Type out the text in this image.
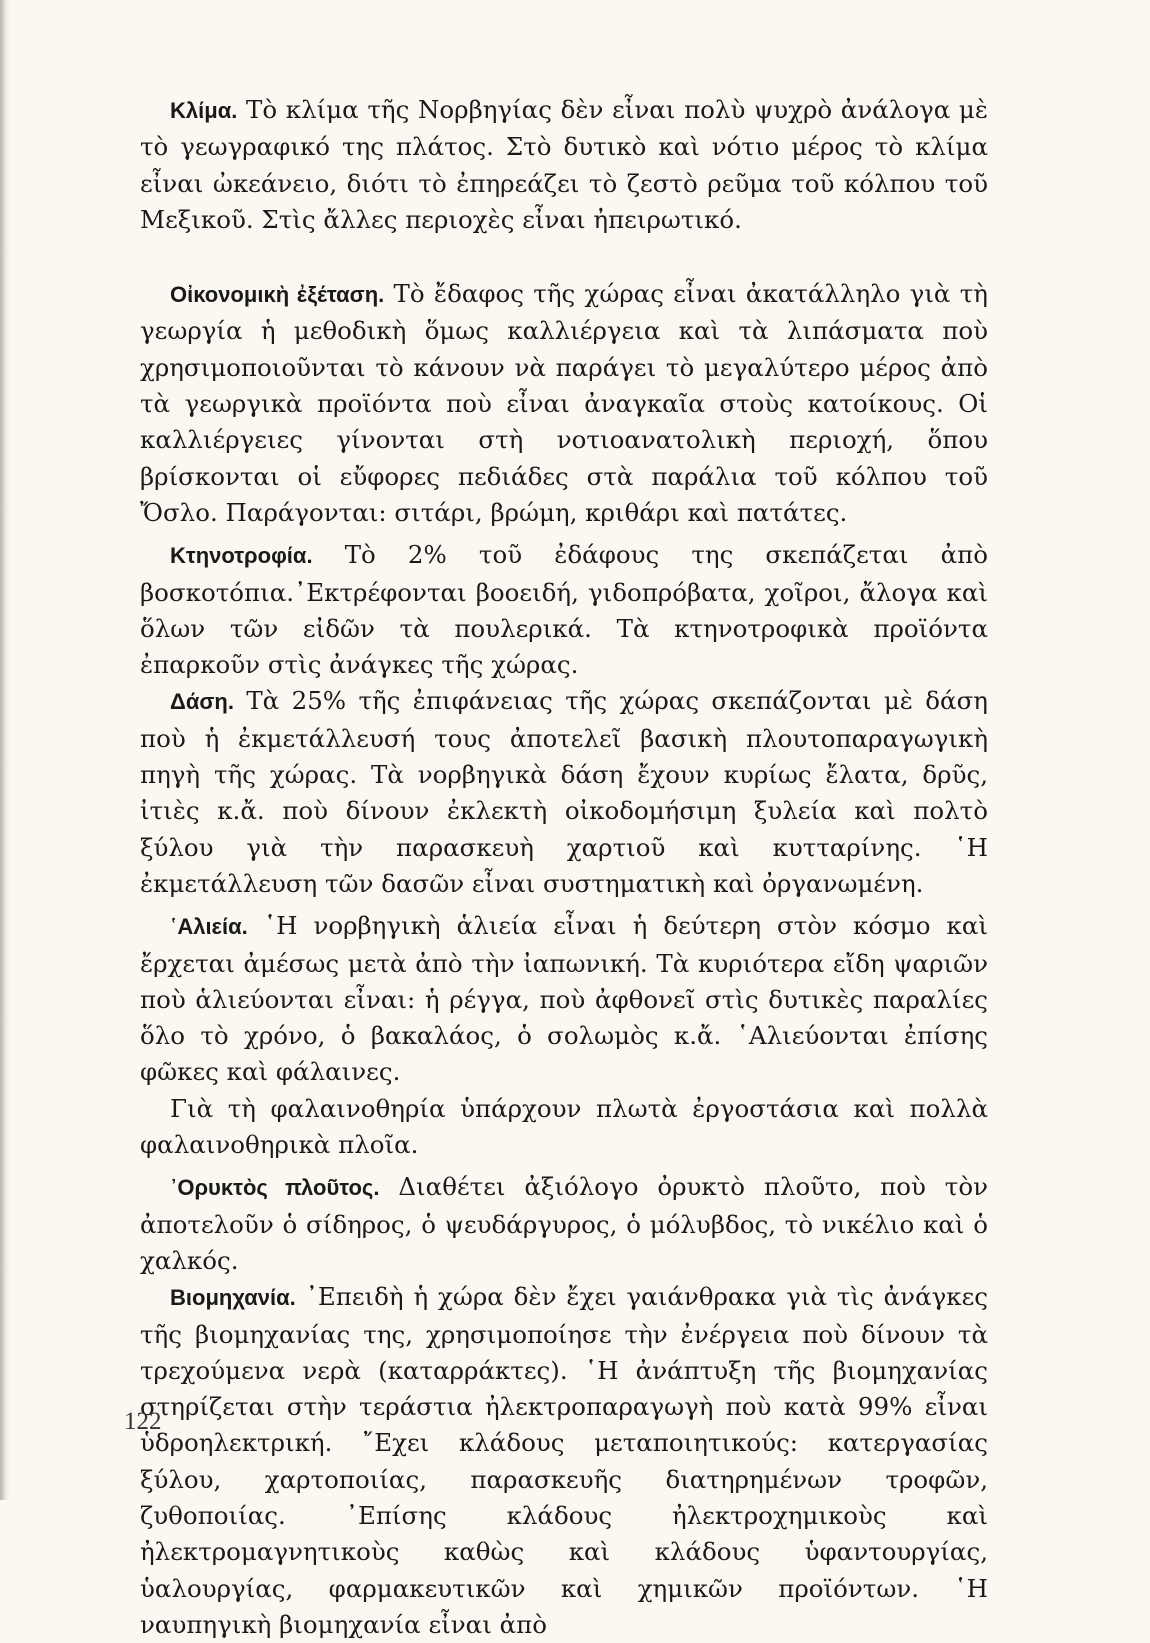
Κλίμα. Τὸ κλίμα τῆς Νορβηγίας δὲν εἶναι πολὺ ψυχρὸ ἀνάλογα μὲ τὸ γεωγραφικό της πλάτος. Στὸ δυτικὸ καὶ νότιο μέρος τὸ κλίμα εἶναι ὠκεάνειο, διότι τὸ ἐπηρεάζει τὸ ζεστὸ ρεῦμα τοῦ κόλπου τοῦ Μεξικοῦ. Στὶς ἄλλες περιοχὲς εἶναι ἠπειρωτικό.

Οἰκονομικὴ ἐξέταση. Τὸ ἔδαφος τῆς χώρας εἶναι ἀκατάλληλο γιὰ τὴ γεωργία ἡ μεθοδικὴ ὅμως καλλιέργεια καὶ τὰ λιπάσματα ποὺ χρησιμοποιοῦνται τὸ κάνουν νὰ παράγει τὸ μεγαλύτερο μέρος ἀπὸ τὰ γεωργικὰ προϊόντα ποὺ εἶναι ἀναγκαῖα στοὺς κατοίκους. Οἱ καλλιέργειες γίνονται στὴ νοτιοανατολικὴ περιοχή, ὅπου βρίσκονται οἱ εὔφορες πεδιάδες στὰ παράλια τοῦ κόλπου τοῦ Ὄσλο. Παράγονται: σιτάρι, βρώμη, κριθάρι καὶ πατάτες.

Κτηνοτροφία. Τὸ 2% τοῦ ἐδάφους της σκεπάζεται ἀπὸ βοσκοτόπια.᾿Εκτρέφονται βοοειδή, γιδοπρόβατα, χοῖροι, ἄλογα καὶ ὅλων τῶν εἰδῶν τὰ πουλερικά. Τὰ κτηνοτροφικὰ προϊόντα ἐπαρκοῦν στὶς ἀνάγκες τῆς χώρας.

Δάση. Τὰ 25% τῆς ἐπιφάνειας τῆς χώρας σκεπάζονται μὲ δάση ποὺ ἡ ἐκμετάλλευσή τους ἀποτελεῖ βασικὴ πλουτοπαραγωγικὴ πηγὴ τῆς χώρας. Τὰ νορβηγικὰ δάση ἔχουν κυρίως ἔλατα, δρῦς, ἰτιὲς κ.ἄ. ποὺ δίνουν ἐκλεκτὴ οἰκοδομήσιμη ξυλεία καὶ πολτὸ ξύλου γιὰ τὴν παρασκευὴ χαρτιοῦ καὶ κυτταρίνης. ῾Η ἐκμετάλλευση τῶν δασῶν εἶναι συστηματικὴ καὶ ὀργανωμένη.

῾Αλιεία. ῾Η νορβηγικὴ ἁλιεία εἶναι ἡ δεύτερη στὸν κόσμο καὶ ἔρχεται ἀμέσως μετὰ ἀπὸ τὴν ἰαπωνική. Τὰ κυριότερα εἴδη ψαριῶν ποὺ ἁλιεύονται εἶναι: ἡ ρέγγα, ποὺ ἀφθονεῖ στὶς δυτικὲς παραλίες ὅλο τὸ χρόνο, ὁ βακαλάος, ὁ σολωμὸς κ.ἄ. ῾Αλιεύονται ἐπίσης φῶκες καὶ φάλαινες.

Γιὰ τὴ φαλαινοθηρία ὑπάρχουν πλωτὰ ἐργοστάσια καὶ πολλὰ φαλαινοθηρικὰ πλοῖα.

᾿Ορυκτὸς πλοῦτος. Διαθέτει ἀξιόλογο ὀρυκτὸ πλοῦτο, ποὺ τὸν ἀποτελοῦν ὁ σίδηρος, ὁ ψευδάργυρος, ὁ μόλυβδος, τὸ νικέλιο καὶ ὁ χαλκός.

Βιομηχανία. ᾿Επειδὴ ἡ χώρα δὲν ἔχει γαιάνθρακα γιὰ τὶς ἀνάγκες τῆς βιομηχανίας της, χρησιμοποίησε τὴν ἐνέργεια ποὺ δίνουν τὰ τρεχούμενα νερὰ (καταρράκτες). ῾Η ἀνάπτυξη τῆς βιομηχανίας στηρίζεται στὴν τεράστια ἠλεκτροπαραγωγὴ ποὺ κατὰ 99% εἶναι ὑδροηλεκτρική. ῎Εχει κλάδους μεταποιητικούς: κατεργασίας ξύλου, χαρτοποιίας, παρασκευῆς διατηρημένων τροφῶν, ζυθοποιίας. ᾿Επίσης κλάδους ἠλεκτροχημικοὺς καὶ ἠλεκτρομαγνητικοὺς καθὼς καὶ κλάδους ὑφαντουργίας, ὑαλουργίας, φαρμακευτικῶν καὶ χημικῶν προϊόντων. ῾Η ναυπηγικὴ βιομηχανία εἶναι ἀπὸ

122
